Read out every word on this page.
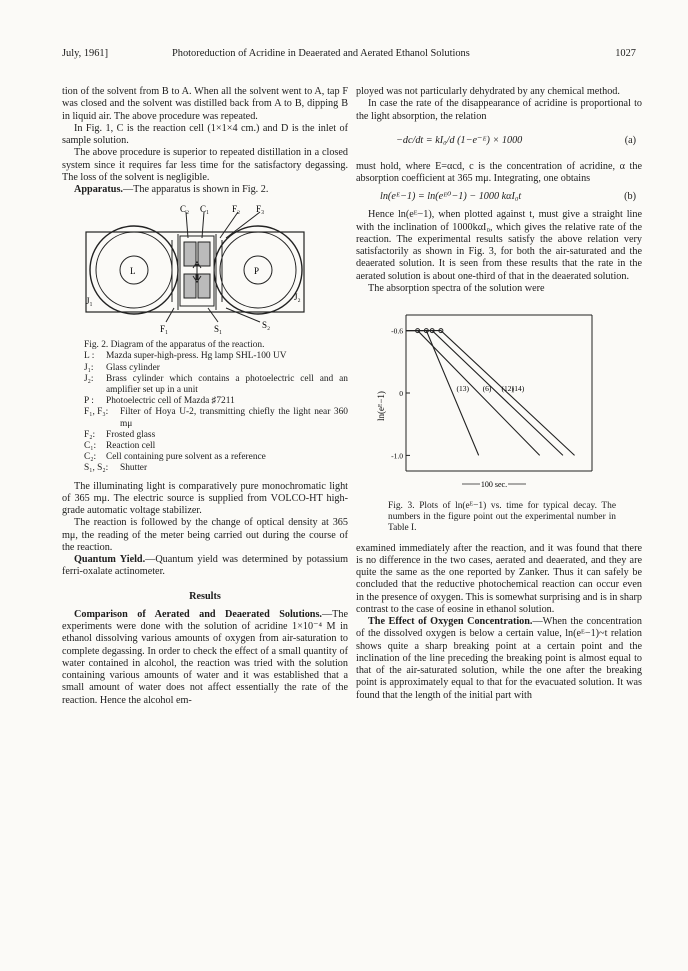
July, 1961]	Photoreduction of Acridine in Deaerated and Aerated Ethanol Solutions	1027

tion of the solvent from B to A. When all the solvent went to A, tap F was closed and the solvent was distilled back from A to B, dipping B in liquid air. The above procedure was repeated.

In Fig. 1, C is the reaction cell (1×1×4 cm.) and D is the inlet of sample solution.

The above procedure is superior to repeated distillation in a closed system since it requires far less time for the satisfactory degassing. The loss of the solvent is negligible.

Apparatus.—The apparatus is shown in Fig. 2.

C₂ C₁	F₂ F₃
L	P
J₁	J₂
F₁	S₁	S₂
Fig. 2. Diagram of the apparatus of the reaction.
L : Mazda super-high-press. Hg lamp SHL-100 UV
J₁: Glass cylinder
J₂: Brass cylinder which contains a photoelectric cell and an amplifier set up in a unit
P : Photoelectric cell of Mazda ♯7211
F₁, F₃: Filter of Hoya U-2, transmitting chiefly the light near 360 mμ
F₂: Frosted glass
C₁: Reaction cell
C₂: Cell containing pure solvent as a reference
S₁, S₂: Shutter

The illuminating light is comparatively pure monochromatic light of 365 mμ. The electric source is supplied from VOLCO-HT high-grade automatic voltage stabilizer.

The reaction is followed by the change of optical density at 365 mμ, the reading of the meter being carried out during the course of the reaction.

Quantum Yield.—Quantum yield was determined by potassium ferri-oxalate actinometer.

Results

Comparison of Aerated and Deaerated Solutions.—The experiments were done with the solution of acridine 1×10⁻⁴ M in ethanol dissolving various amounts of oxygen from air-saturation to complete degassing. In order to check the effect of a small quantity of water contained in alcohol, the reaction was tried with the solution containing various amounts of water and it was established that a small amount of water does not affect essentially the rate of the reaction. Hence the alcohol em-

ployed was not particularly dehydrated by any chemical method.

In case the rate of the disappearance of acridine is proportional to the light absorption, the relation

−dc/dt = kI₀/d (1−e⁻ᴱ) × 1000	(a)

must hold, where E=αcd, c is the concentration of acridine, α the absorption coefficient at 365 mμ. Integrating, one obtains

ln(eᴱ−1) = ln(eᴱ⁰−1) − 1000 kαI₀t	(b)

Hence ln(eᴱ−1), when plotted against t, must give a straight line with the inclination of 1000kαI₀, which gives the relative rate of the reaction. The experimental results satisfy the above relation very satisfactorily as shown in Fig. 3, for both the air-saturated and the deaerated solution. It is seen from these results that the rate in the aerated solution is about one-third of that in the deaerated solution.

The absorption spectra of the solution were

ln(eᴱ−1)
-0.6
0
-1.0
(14)
(12)
(13) (6)
100 sec.
Fig. 3. Plots of ln(eᴱ−1) vs. time for typical decay. The numbers in the figure point out the experimental number in Table I.

examined immediately after the reaction, and it was found that there is no difference in the two cases, aerated and deaerated, and they are quite the same as the one reported by Zanker. Thus it can safely be concluded that the reductive photochemical reaction can occur even in the presence of oxygen. This is somewhat surprising and is in sharp contrast to the case of eosine in ethanol solution.

The Effect of Oxygen Concentration.—When the concentration of the dissolved oxygen is below a certain value, ln(eᴱ−1)~t relation shows quite a sharp breaking point at a certain point and the inclination of the line preceding the breaking point is almost equal to that of the air-saturated solution, while the one after the breaking point is approximately equal to that for the evacuated solution. It was found that the length of the initial part with
